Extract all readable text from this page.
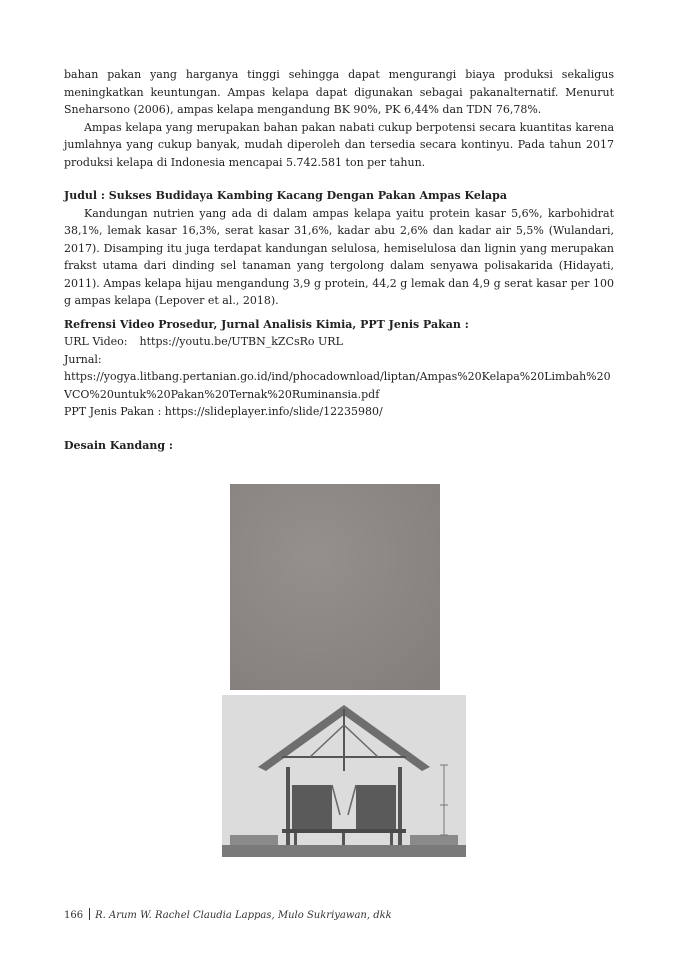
bahan pakan yang harganya tinggi sehingga dapat mengurangi biaya produksi sekaligus meningkatkan keuntungan. Ampas kelapa dapat digunakan sebagai pakanalternatif. Menurut Sneharsono (2006), ampas kelapa mengandung BK 90%, PK 6,44% dan TDN 76,78%.

Ampas kelapa yang merupakan bahan pakan nabati cukup berpotensi secara kuantitas karena jumlahnya yang cukup banyak, mudah diperoleh dan tersedia secara kontinyu. Pada tahun 2017 produksi kelapa di Indonesia mencapai 5.742.581 ton per tahun.

Judul : Sukses Budidaya Kambing Kacang Dengan Pakan Ampas Kelapa

Kandungan nutrien yang ada di dalam ampas kelapa yaitu protein kasar 5,6%, karbohidrat 38,1%, lemak kasar 16,3%, serat kasar 31,6%, kadar abu 2,6% dan kadar air 5,5% (Wulandari, 2017). Disamping itu juga terdapat kandungan selulosa, hemiselulosa dan lignin yang merupakan frakst utama dari dinding sel tanaman yang tergolong dalam senyawa polisakarida (Hidayati, 2011). Ampas kelapa hijau mengandung 3,9 g protein, 44,2 g lemak dan 4,9 g serat kasar per 100 g ampas kelapa (Lepover et al., 2018).

Refrensi Video Prosedur, Jurnal Analisis Kimia, PPT Jenis Pakan :
URL Video: https://youtu.be/UTBN_kZCsRo URL
Jurnal:
https://yogya.litbang.pertanian.go.id/ind/phocadownload/liptan/Ampas%20Kelapa%20Limbah%20VCO%20untuk%20Pakan%20Ternak%20Ruminansia.pdf
PPT Jenis Pakan : https://slideplayer.info/slide/12235980/
Desain Kandang :
166 R. Arum W. Rachel Claudia Lappas, Mulo Sukriyawan, dkk
